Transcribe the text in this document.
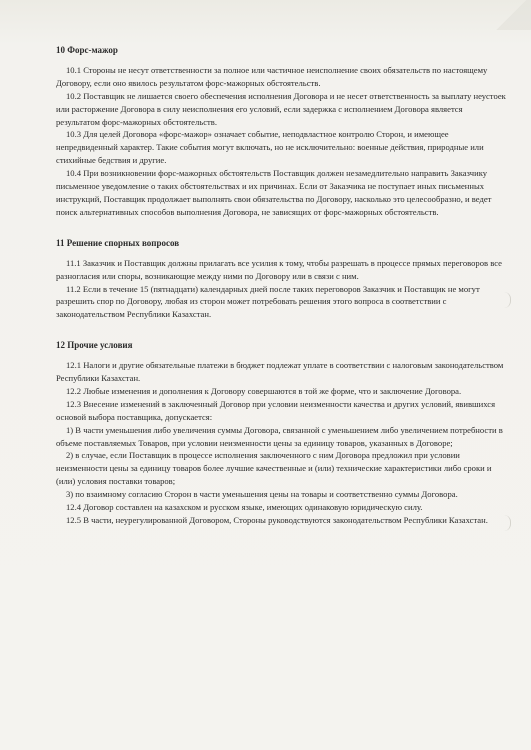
10 Форс-мажор

10.1 Стороны не несут ответственности за полное или частичное неисполнение своих обязательств по настоящему Договору, если оно явилось результатом форс-мажорных обстоятельств.

10.2 Поставщик не лишается своего обеспечения исполнения Договора и не несет ответственность за выплату неустоек или расторжение Договора в силу неисполнения его условий, если задержка с исполнением Договора является результатом форс-мажорных обстоятельств.

10.3 Для целей Договора «форс-мажор» означает событие, неподвластное контролю Сторон, и имеющее непредвиденный характер. Такие события могут включать, но не исключительно: военные действия, природные или стихийные бедствия и другие.

10.4 При возникновении форс-мажорных обстоятельств Поставщик должен незамедлительно направить Заказчику письменное уведомление о таких обстоятельствах и их причинах. Если от Заказчика не поступает иных письменных инструкций, Поставщик продолжает выполнять свои обязательства по Договору, насколько это целесообразно, и ведет поиск альтернативных способов выполнения Договора, не зависящих от форс-мажорных обстоятельств.

11 Решение спорных вопросов

11.1 Заказчик и Поставщик должны прилагать все усилия к тому, чтобы разрешать в процессе прямых переговоров все разногласия или споры, возникающие между ними по Договору или в связи с ним.

11.2 Если в течение 15 (пятнадцати) календарных дней после таких переговоров Заказчик и Поставщик не могут разрешить спор по Договору, любая из сторон может потребовать решения этого вопроса в соответствии с законодательством Республики Казахстан.

12 Прочие условия

12.1 Налоги и другие обязательные платежи в бюджет подлежат уплате в соответствии с налоговым законодательством Республики Казахстан.

12.2 Любые изменения и дополнения к Договору совершаются в той же форме, что и заключение Договора.

12.3 Внесение изменений в заключенный Договор при условии неизменности качества и других условий, явившихся основой выбора поставщика, допускается:

1) В части уменьшения либо увеличения суммы Договора, связанной с уменьшением либо увеличением потребности в объеме поставляемых Товаров, при условии неизменности цены за единицу товаров, указанных в Договоре;

2) в случае, если Поставщик в процессе исполнения заключенного с ним Договора предложил при условии неизменности цены за единицу товаров более лучшие качественные и (или) технические характеристики либо сроки и (или) условия поставки товаров;

3) по взаимному согласию Сторон в части уменьшения цены на товары и соответственно суммы Договора.

12.4 Договор составлен на казахском и русском языке, имеющих одинаковую юридическую силу.

12.5 В части, неурегулированной Договором, Стороны руководствуются законодательством Республики Казахстан.
